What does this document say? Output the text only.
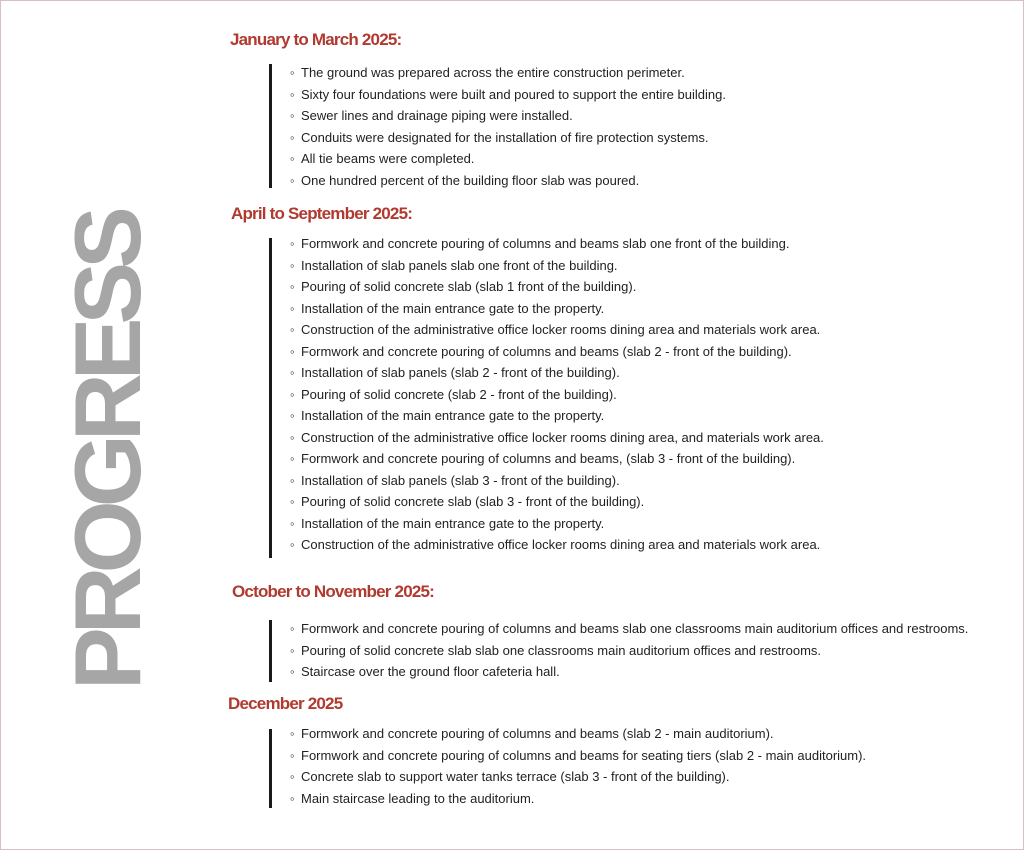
PROGRESS
January to March 2025:
◦ The ground was prepared across the entire construction perimeter.
◦ Sixty four foundations were built and poured to support the entire building.
◦ Sewer lines and drainage piping were installed.
◦ Conduits were designated for the installation of fire protection systems.
◦ All tie beams were completed.
◦ One hundred percent of the building floor slab was poured.
April to September 2025:
◦ Formwork and concrete pouring of columns and beams slab one front of the building.
◦ Installation of slab panels slab one front of the building.
◦ Pouring of solid concrete slab (slab 1 front of the building).
◦ Installation of the main entrance gate to the property.
◦ Construction of the administrative office locker rooms dining area and materials work area.
◦ Formwork and concrete pouring of columns and beams (slab 2 - front of the building).
◦ Installation of slab panels (slab 2 - front of the building).
◦ Pouring of solid concrete (slab 2 - front of the building).
◦ Installation of the main entrance gate to the property.
◦ Construction of the administrative office locker rooms dining area, and materials work area.
◦ Formwork and concrete pouring of columns and beams, (slab 3 - front of the building).
◦ Installation of slab panels (slab 3 - front of the building).
◦ Pouring of solid concrete slab (slab 3 - front of the building).
◦ Installation of the main entrance gate to the property.
◦ Construction of the administrative office locker rooms dining area and materials work area.
October to November 2025:
◦ Formwork and concrete pouring of columns and beams slab one classrooms main auditorium offices and restrooms.
◦ Pouring of solid concrete slab slab one classrooms main auditorium offices and restrooms.
◦ Staircase over the ground floor cafeteria hall.
December 2025
◦ Formwork and concrete pouring of columns and beams (slab 2 - main auditorium).
◦ Formwork and concrete pouring of columns and beams for seating tiers (slab 2 - main auditorium).
◦ Concrete slab to support water tanks terrace (slab 3 - front of the building).
◦ Main staircase leading to the auditorium.
